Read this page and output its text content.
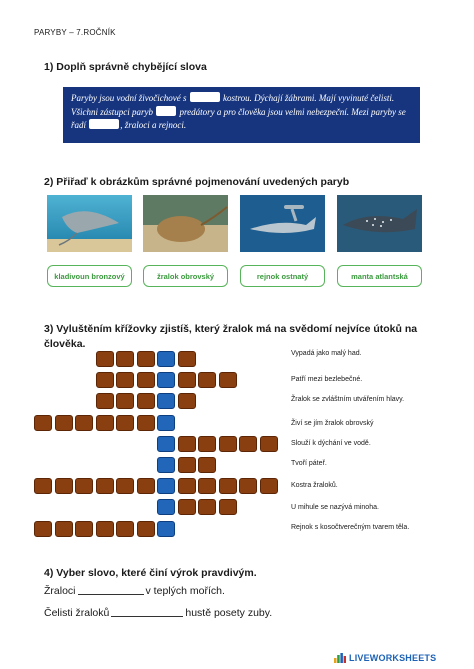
PARYBY – 7.ROČNÍK
1) Doplň správně chybějící slova
Paryby jsou vodní živočichové s	kostrou. Dýchají žábrami. Mají vyvinuté čelisti. Všichni zástupci paryb  predátory a pro člověka jsou velmi nebezpeční. Mezi paryby se řadí	, žraloci a rejnoci.
2) Přiřaď k obrázkům správné pojmenování uvedených paryb
kladivoun bronzový	žralok obrovský	rejnok ostnatý	manta atlantská
3) Vyluštěním křížovky zjistíš, který žralok má na svědomí nejvíce útoků na člověka.
Vypadá jako malý had.
Patří mezi bezlebečné.
Žralok se zvláštním utvářením hlavy.
Živí se jím žralok obrovský
Slouží k dýchání ve vodě.
Tvoří páteř.
Kostra žraloků.
U mihule se nazývá minoha.
Rejnok s kosočtverečným tvarem těla.
4) Vyber slovo, které činí výrok pravdivým.
Žraloci	v teplých mořích.
Čelisti žraloků	hustě posety zuby.
LIVEWORKSHEETS
